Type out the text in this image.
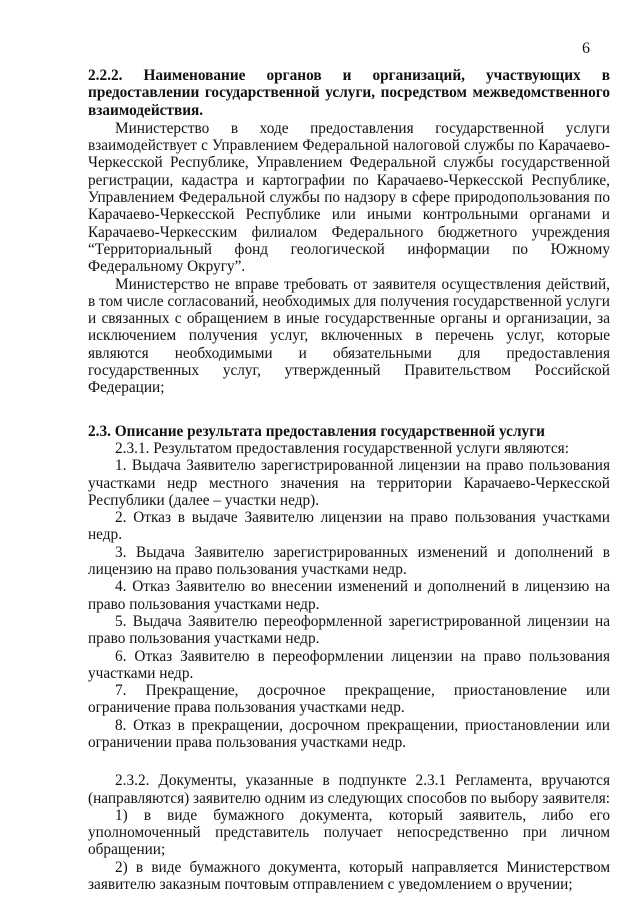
6

2.2.2. Наименование органов и организаций, участвующих в предоставлении государственной услуги, посредством межведомственного взаимодействия.

Министерство в ходе предоставления государственной услуги взаимодействует с Управлением Федеральной налоговой службы по Карачаево-Черкесской Республике, Управлением Федеральной службы государственной регистрации, кадастра и картографии по Карачаево-Черкесской Республике, Управлением Федеральной службы по надзору в сфере природопользования по Карачаево-Черкесской Республике или иными контрольными органами и Карачаево-Черкесским филиалом Федерального бюджетного учреждения “Территориальный фонд геологической информации по Южному Федеральному Округу”.

Министерство не вправе требовать от заявителя осуществления действий, в том числе согласований, необходимых для получения государственной услуги и связанных с обращением в иные государственные органы и организации, за исключением получения услуг, включенных в перечень услуг, которые являются необходимыми и обязательными для предоставления государственных услуг, утвержденный Правительством Российской Федерации;

2.3. Описание результата предоставления государственной услуги

2.3.1. Результатом предоставления государственной услуги являются:

1. Выдача Заявителю зарегистрированной лицензии на право пользования участками недр местного значения на территории Карачаево-Черкесской Республики (далее – участки недр).

2. Отказ в выдаче Заявителю лицензии на право пользования участками недр.

3. Выдача Заявителю зарегистрированных изменений и дополнений в лицензию на право пользования участками недр.

4. Отказ Заявителю во внесении изменений и дополнений в лицензию на право пользования участками недр.

5. Выдача Заявителю переоформленной зарегистрированной лицензии на право пользования участками недр.

6. Отказ Заявителю в переоформлении лицензии на право пользования участками недр.

7. Прекращение, досрочное прекращение, приостановление или ограничение права пользования участками недр.

8. Отказ в прекращении, досрочном прекращении, приостановлении или ограничении права пользования участками недр.

2.3.2. Документы, указанные в подпункте 2.3.1 Регламента, вручаются (направляются) заявителю одним из следующих способов по выбору заявителя:

1) в виде бумажного документа, который заявитель, либо его уполномоченный представитель получает непосредственно при личном обращении;

2) в виде бумажного документа, который направляется Министерством заявителю заказным почтовым отправлением с уведомлением о вручении;
